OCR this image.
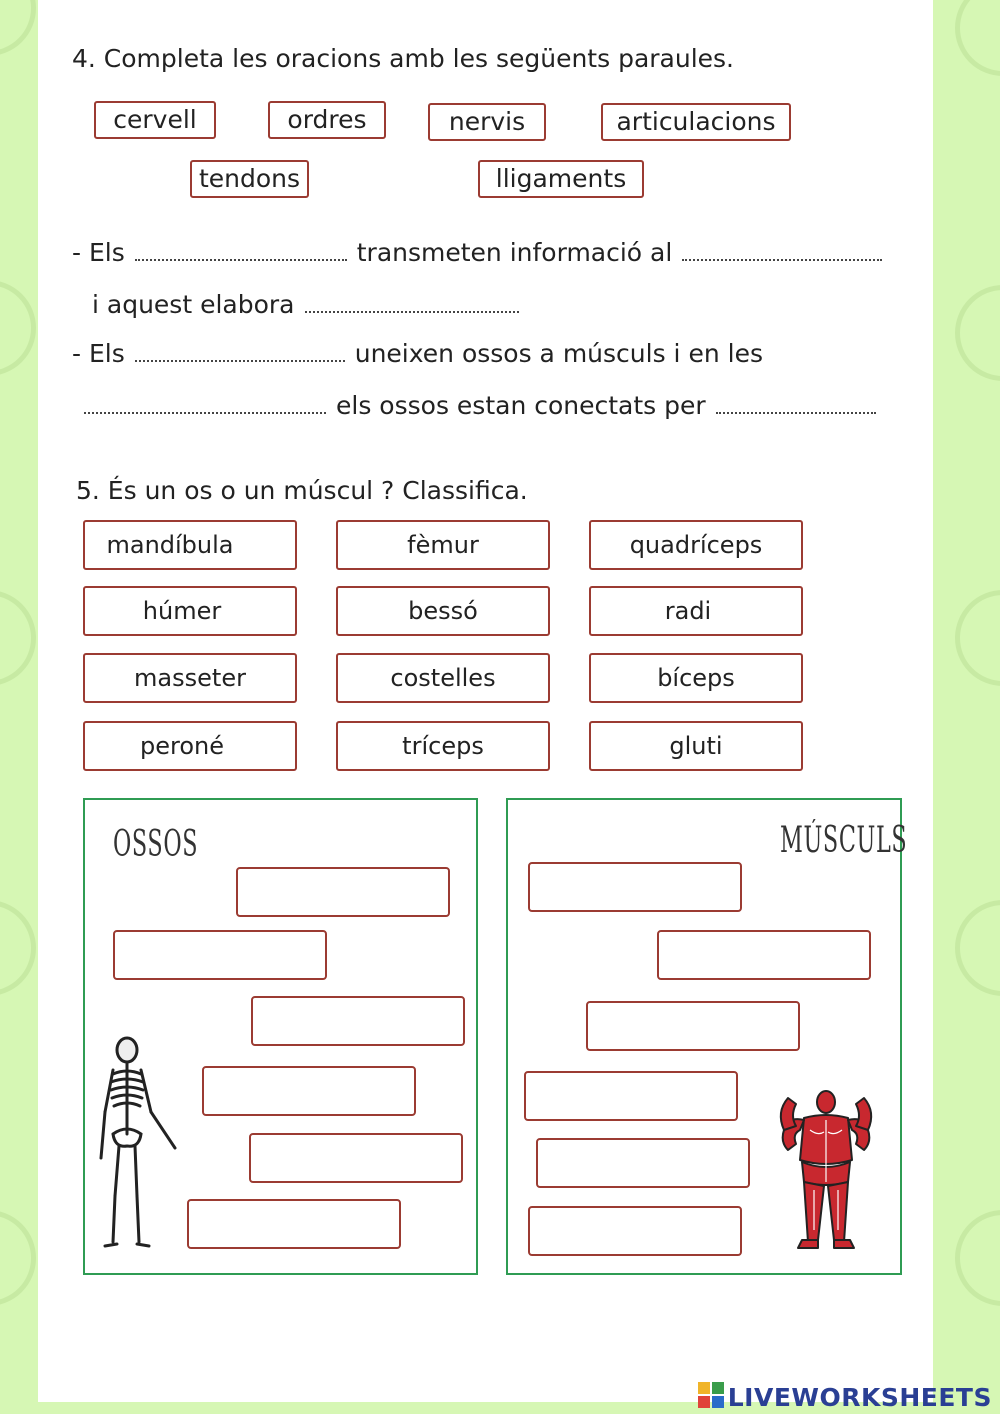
4. Completa les oracions amb les següents paraules.
cervell	ordres	nervis	articulacions
tendons	lligaments
- Els	transmeten informació al
i aquest elabora
- Els	uneixen ossos a músculs i en les
els ossos estan conectats per
5. És un os o un múscul ? Classifica.
mandíbula	fèmur	quadríceps
húmer	bessó	radi
masseter	costelles	bíceps
peroné	tríceps	gluti
OSSOS	MÚSCULS
LIVEWORKSHEETS
